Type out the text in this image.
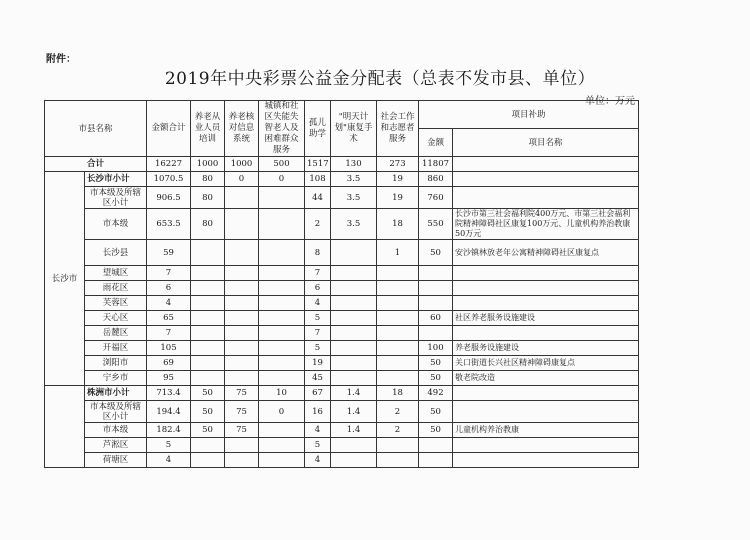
附件：
2019年中央彩票公益金分配表（总表不发市县、单位）
单位：万元
市县名称		金额合计	养老从业人员培训	养老核对信息系统	城镇和社区失能失智老人及困难群众服务	孤儿助学	"明天计划"康复手术	社会工作和志愿者服务	项目补助	
									金额	项目名称
合计		16227	1000	1000	500	1517	130	273	11807	
长沙市	长沙市小计	1070.5	80	0	0	108	3.5	19	860	
	市本级及所辖区小计	906.5	80			44	3.5	19	760	
	市本级	653.5	80			2	3.5	18	550	长沙市第三社会福利院400万元、市第三社会福利院精神障碍社区康复100万元、儿童机构养治教康50万元
	长沙县	59				8		1	50	安沙镇林放老年公寓精神障碍社区康复点
	望城区	7				7				
	雨花区	6				6				
	芙蓉区	4				4				
	天心区	65				5			60	社区养老服务设施建设
	岳麓区	7				7				
	开福区	105				5			100	养老服务设施建设
	浏阳市	69				19			50	关口街道长兴社区精神障碍康复点
	宁乡市	95				45			50	敬老院改造
	株洲市小计	713.4	50	75	10	67	1.4	18	492	
	市本级及所辖区小计	194.4	50	75	0	16	1.4	2	50	
	市本级	182.4	50	75		4	1.4	2	50	儿童机构养治教康
	芦淞区	5				5				
	荷塘区	4				4				
